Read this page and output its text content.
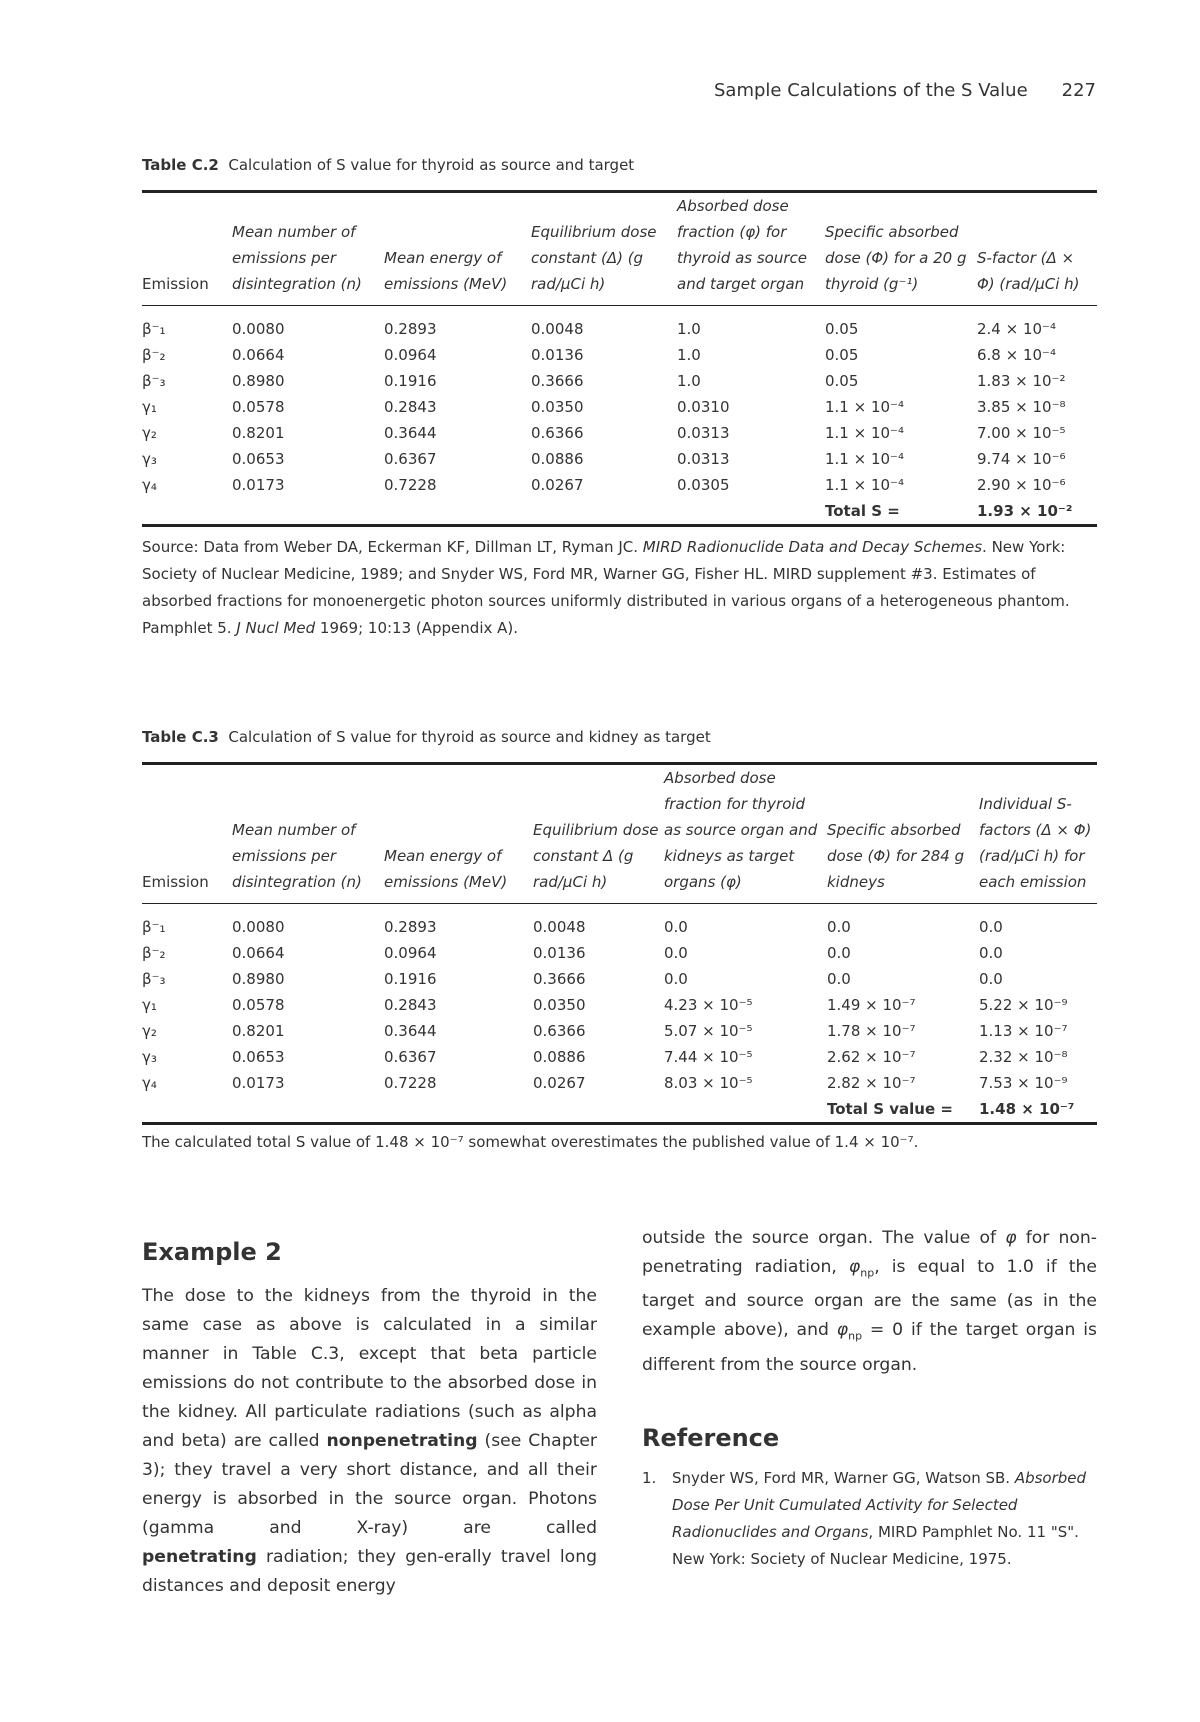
Sample Calculations of the S Value 227
Table C.2 Calculation of S value for thyroid as source and target
Emission	Mean number of emissions per disintegration (n)	Mean energy of emissions (MeV)	Equilibrium dose constant (Δ) (g rad/μCi h)	Absorbed dose fraction (φ) for thyroid as source and target organ	Specific absorbed dose (Φ) for a 20 g thyroid (g⁻¹)	S-factor (Δ × Φ) (rad/μCi h)
β⁻₁	0.0080	0.2893	0.0048	1.0	0.05	2.4 × 10⁻⁴
β⁻₂	0.0664	0.0964	0.0136	1.0	0.05	6.8 × 10⁻⁴
β⁻₃	0.8980	0.1916	0.3666	1.0	0.05	1.83 × 10⁻²
γ₁	0.0578	0.2843	0.0350	0.0310	1.1 × 10⁻⁴	3.85 × 10⁻⁸
γ₂	0.8201	0.3644	0.6366	0.0313	1.1 × 10⁻⁴	7.00 × 10⁻⁵
γ₃	0.0653	0.6367	0.0886	0.0313	1.1 × 10⁻⁴	9.74 × 10⁻⁶
γ₄	0.0173	0.7228	0.0267	0.0305	1.1 × 10⁻⁴	2.90 × 10⁻⁶
					Total S =	1.93 × 10⁻²
Source: Data from Weber DA, Eckerman KF, Dillman LT, Ryman JC. MIRD Radionuclide Data and Decay Schemes. New York: Society of Nuclear Medicine, 1989; and Snyder WS, Ford MR, Warner GG, Fisher HL. MIRD supplement #3. Estimates of absorbed fractions for monoenergetic photon sources uniformly distributed in various organs of a heterogeneous phantom. Pamphlet 5. J Nucl Med 1969; 10:13 (Appendix A).
Table C.3 Calculation of S value for thyroid as source and kidney as target
Emission	Mean number of emissions per disintegration (n)	Mean energy of emissions (MeV)	Equilibrium dose constant Δ (g rad/μCi h)	Absorbed dose fraction for thyroid as source organ and kidneys as target organs (φ)	Specific absorbed dose (Φ) for 284 g kidneys	Individual S-factors (Δ × Φ) (rad/μCi h) for each emission
β⁻₁	0.0080	0.2893	0.0048	0.0	0.0	0.0
β⁻₂	0.0664	0.0964	0.0136	0.0	0.0	0.0
β⁻₃	0.8980	0.1916	0.3666	0.0	0.0	0.0
γ₁	0.0578	0.2843	0.0350	4.23 × 10⁻⁵	1.49 × 10⁻⁷	5.22 × 10⁻⁹
γ₂	0.8201	0.3644	0.6366	5.07 × 10⁻⁵	1.78 × 10⁻⁷	1.13 × 10⁻⁷
γ₃	0.0653	0.6367	0.0886	7.44 × 10⁻⁵	2.62 × 10⁻⁷	2.32 × 10⁻⁸
γ₄	0.0173	0.7228	0.0267	8.03 × 10⁻⁵	2.82 × 10⁻⁷	7.53 × 10⁻⁹
					Total S value =	1.48 × 10⁻⁷
The calculated total S value of 1.48 × 10⁻⁷ somewhat overestimates the published value of 1.4 × 10⁻⁷.
Example 2
The dose to the kidneys from the thyroid in the same case as above is calculated in a similar manner in Table C.3, except that beta particle emissions do not contribute to the absorbed dose in the kidney. All particulate radiations (such as alpha and beta) are called nonpenetrating (see Chapter 3); they travel a very short distance, and all their energy is absorbed in the source organ. Photons (gamma and X-ray) are called penetrating radiation; they gen-erally travel long distances and deposit energy
outside the source organ. The value of φ for non-penetrating radiation, $\varphi_{np}$, is equal to 1.0 if the target and source organ are the same (as in the example above), and $\varphi_{np} = 0$ if the target organ is different from the source organ.
Reference
1. Snyder WS, Ford MR, Warner GG, Watson SB. Absorbed Dose Per Unit Cumulated Activity for Selected Radionuclides and Organs, MIRD Pamphlet No. 11 "S". New York: Society of Nuclear Medicine, 1975.
